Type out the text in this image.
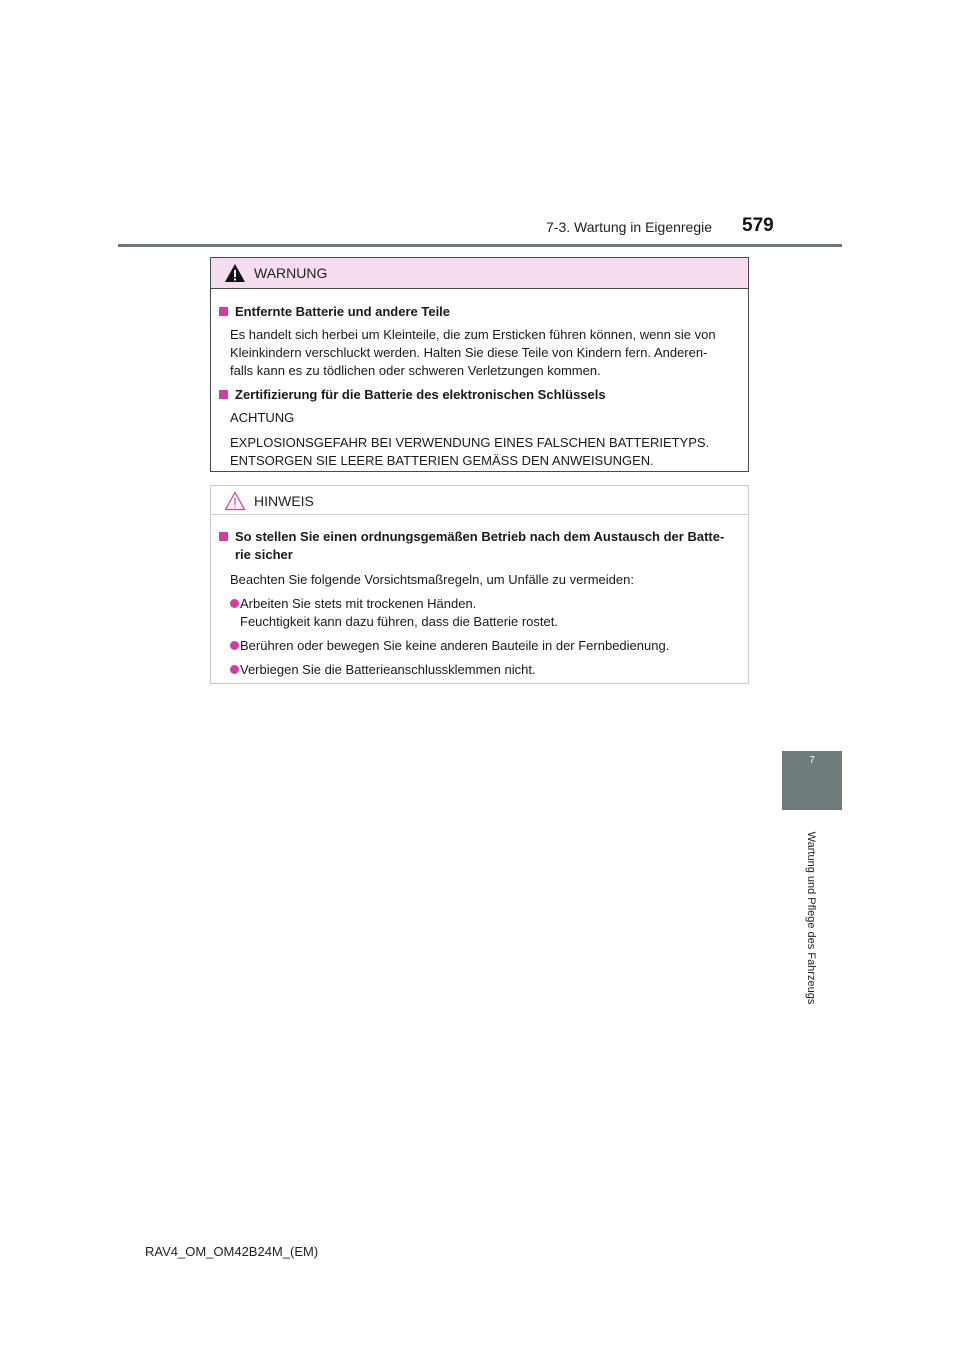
7-3. Wartung in Eigenregie 579
7
Wartung und Pflege des Fahrzeugs
WARNUNG
Entfernte Batterie und andere Teile
Es handelt sich herbei um Kleinteile, die zum Ersticken führen können, wenn sie von
Kleinkindern verschluckt werden. Halten Sie diese Teile von Kindern fern. Anderen-
falls kann es zu tödlichen oder schweren Verletzungen kommen.
Zertifizierung für die Batterie des elektronischen Schlüssels
ACHTUNG
EXPLOSIONSGEFAHR BEI VERWENDUNG EINES FALSCHEN BATTERIETYPS.
ENTSORGEN SIE LEERE BATTERIEN GEMÄSS DEN ANWEISUNGEN.
HINWEIS
So stellen Sie einen ordnungsgemäßen Betrieb nach dem Austausch der Batte-
rie sicher
Beachten Sie folgende Vorsichtsmaßregeln, um Unfälle zu vermeiden:
Arbeiten Sie stets mit trockenen Händen.
Feuchtigkeit kann dazu führen, dass die Batterie rostet.
Berühren oder bewegen Sie keine anderen Bauteile in der Fernbedienung.
Verbiegen Sie die Batterieanschlussklemmen nicht.
RAV4_OM_OM42B24M_(EM)
